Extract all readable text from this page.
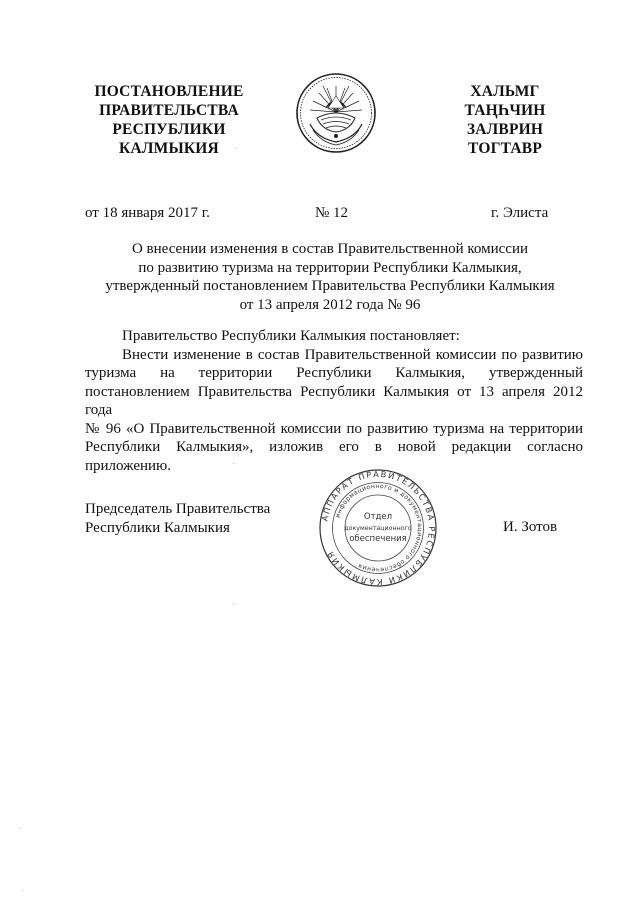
ПОСТАНОВЛЕНИЕ
ПРАВИТЕЛЬСТВА
РЕСПУБЛИКИ
КАЛМЫКИЯ
ХАЛЬМГ
ТАҢҺЧИН
ЗАЛВРИН
ТОГТАВР
от 18 января 2017 г.	№ 12	г. Элиста
О внесении изменения в состав Правительственной комиссии
по развитию туризма на территории Республики Калмыкия,
утвержденный постановлением Правительства Республики Калмыкия
от 13 апреля 2012 года № 96
Правительство Республики Калмыкия постановляет:
Внести изменение в состав Правительственной комиссии по развитию
туризма на территории Республики Калмыкия, утвержденный
постановлением Правительства Республики Калмыкия от 13 апреля 2012 года
№ 96 «О Правительственной комиссии по развитию туризма на территории
Республики Калмыкия», изложив его в новой редакции согласно
приложению.
Председатель Правительства
Республики Калмыкия
АППАРАТ ПРАВИТЕЛЬСТВА РЕСПУБЛИКИ КАЛМЫКИЯ
информационного и документационного обеспечения
Отдел
документационного
обеспечения
И. Зотов
